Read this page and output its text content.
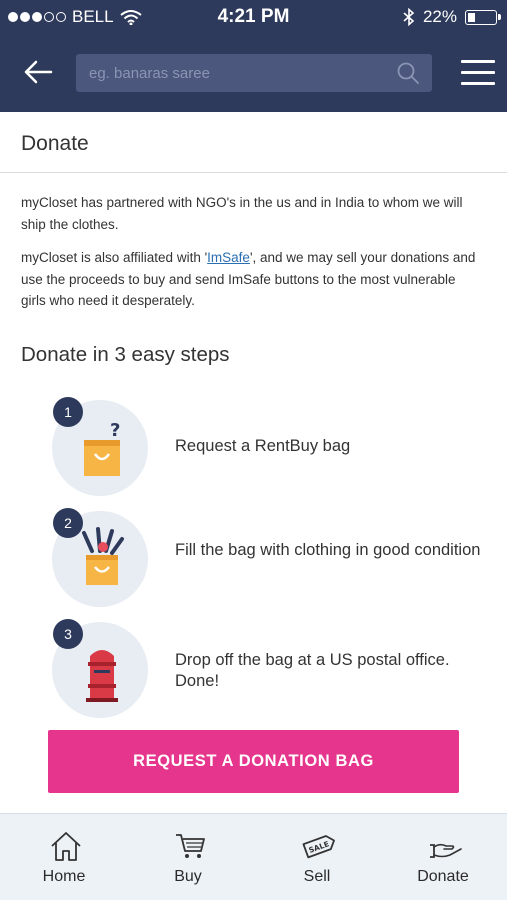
BELL	4:21 PM	22%
eg. banaras saree
Donate

myCloset has partnered with NGO's in the us and in India to whom we will ship the clothes.

myCloset is also affiliated with 'ImSafe', and we may sell your donations and use the proceeds to buy and send ImSafe buttons to the most vulnerable girls who need it desperately.

Donate in 3 easy steps
?
1
Request a RentBuy bag
2
Fill the bag with clothing in good condition
3
Drop off the bag at a US postal office. Done!
REQUEST A DONATION BAG
Home	Buy
SALE
Sell	Donate
